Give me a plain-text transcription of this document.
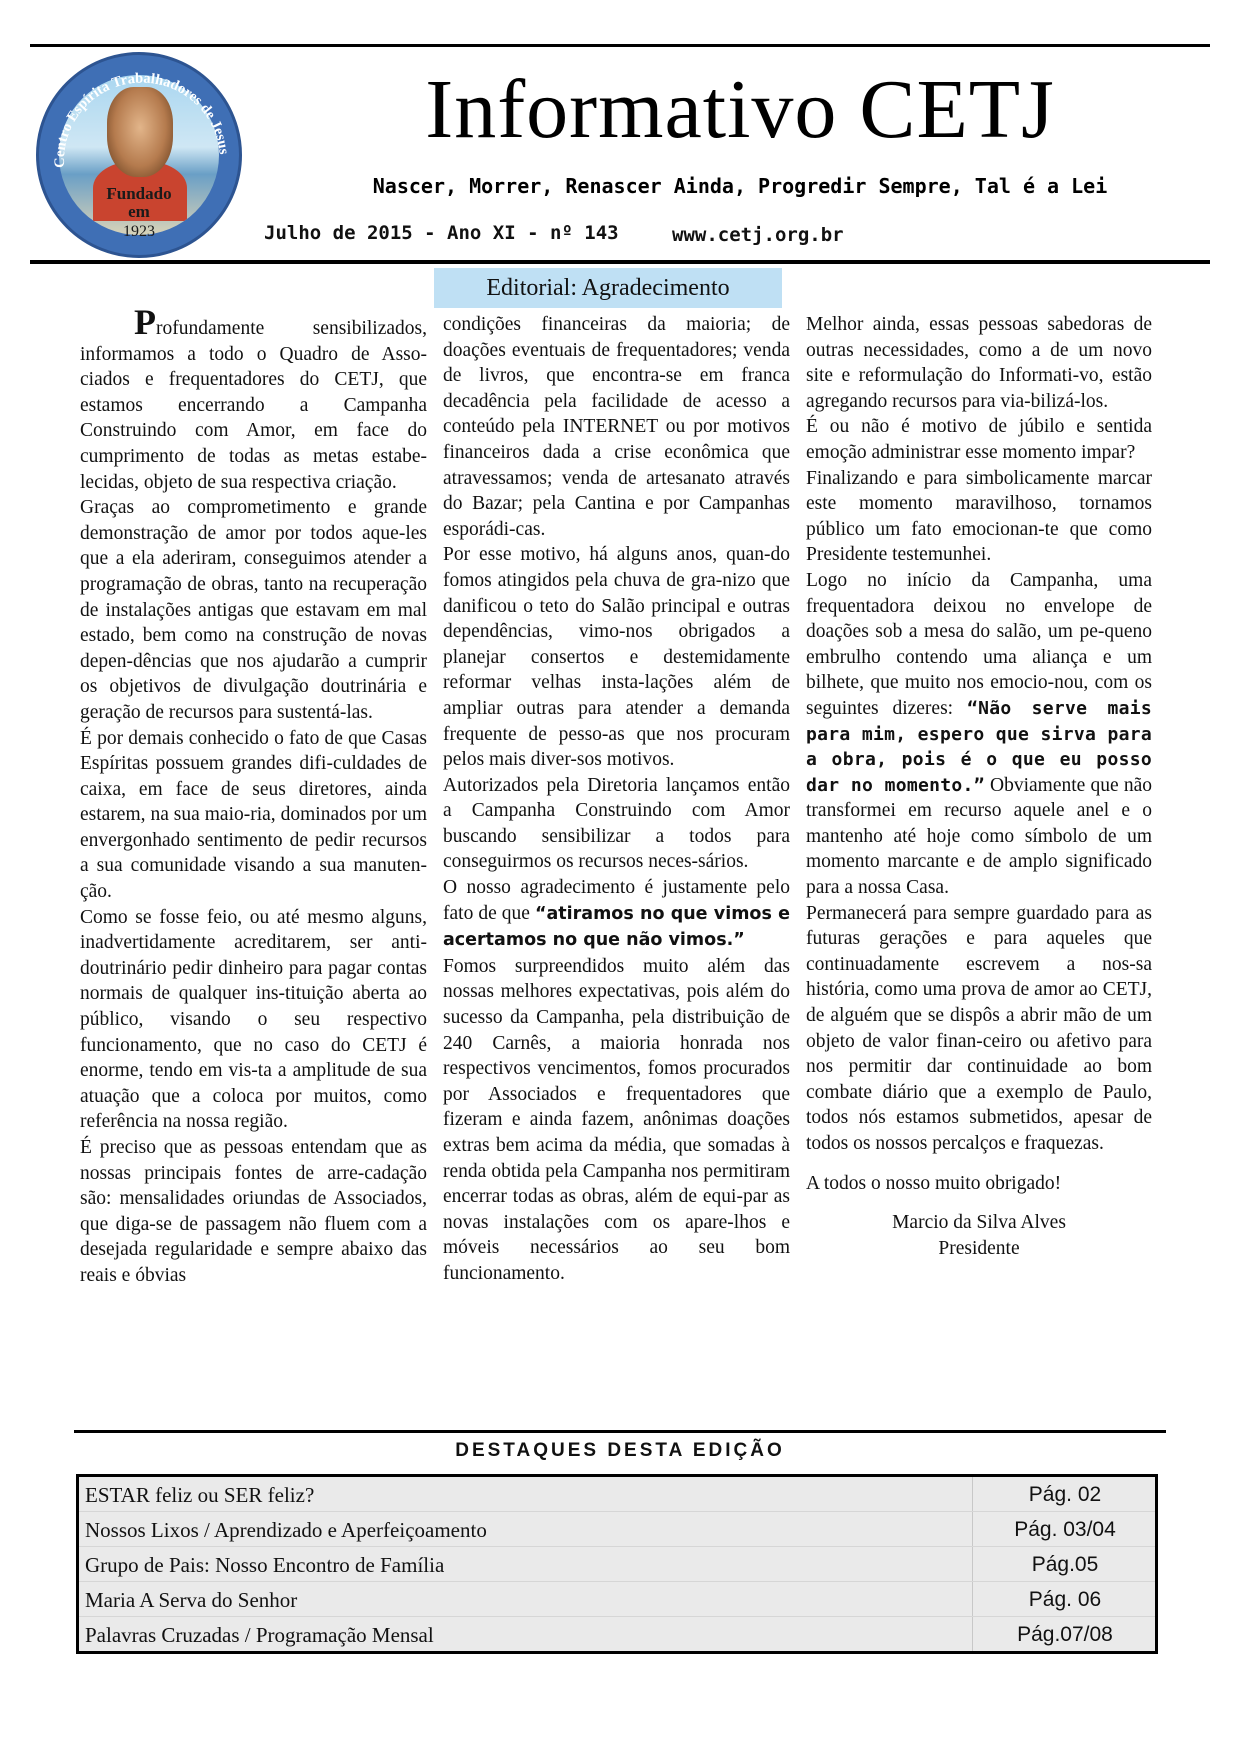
Centro Espírita Trabalhadores de Jesus
Fundado
em
1923
Informativo CETJ
Nascer, Morrer, Renascer Ainda, Progredir Sempre, Tal é a Lei
Julho de 2015 - Ano XI - nº 143	www.cetj.org.br
Editorial: Agradecimento

Profundamente sensibilizados, informamos a todo o Quadro de Asso-ciados e frequentadores do CETJ, que estamos encerrando a Campanha Construindo com Amor, em face do cumprimento de todas as metas estabe-lecidas, objeto de sua respectiva criação.

Graças ao comprometimento e grande demonstração de amor por todos aque-les que a ela aderiram, conseguimos atender a programação de obras, tanto na recuperação de instalações antigas que estavam em mal estado, bem como na construção de novas depen-dências que nos ajudarão a cumprir os objetivos de divulgação doutrinária e geração de recursos para sustentá-las.

É por demais conhecido o fato de que Casas Espíritas possuem grandes difi-culdades de caixa, em face de seus diretores, ainda estarem, na sua maio-ria, dominados por um envergonhado sentimento de pedir recursos a sua comunidade visando a sua manuten-ção.

Como se fosse feio, ou até mesmo alguns, inadvertidamente acreditarem, ser anti-doutrinário pedir dinheiro para pagar contas normais de qualquer ins-tituição aberta ao público, visando o seu respectivo funcionamento, que no caso do CETJ é enorme, tendo em vis-ta a amplitude de sua atuação que a coloca por muitos, como referência na nossa região.

É preciso que as pessoas entendam que as nossas principais fontes de arre-cadação são: mensalidades oriundas de Associados, que diga-se de passagem não fluem com a desejada regularidade e sempre abaixo das reais e óbvias

condições financeiras da maioria; de doações eventuais de frequentadores; venda de livros, que encontra-se em franca decadência pela facilidade de acesso a conteúdo pela INTERNET ou por motivos financeiros dada a crise econômica que atravessamos; venda de artesanato através do Bazar; pela Cantina e por Campanhas esporádi-cas.

Por esse motivo, há alguns anos, quan-do fomos atingidos pela chuva de gra-nizo que danificou o teto do Salão principal e outras dependências, vimo-nos obrigados a planejar consertos e destemidamente reformar velhas insta-lações além de ampliar outras para atender a demanda frequente de pesso-as que nos procuram pelos mais diver-sos motivos.

Autorizados pela Diretoria lançamos então a Campanha Construindo com Amor buscando sensibilizar a todos para conseguirmos os recursos neces-sários.

O nosso agradecimento é justamente pelo fato de que “atiramos no que vimos e acertamos no que não vimos.”

Fomos surpreendidos muito além das nossas melhores expectativas, pois além do sucesso da Campanha, pela distribuição de 240 Carnês, a maioria honrada nos respectivos vencimentos, fomos procurados por Associados e frequentadores que fizeram e ainda fazem, anônimas doações extras bem acima da média, que somadas à renda obtida pela Campanha nos permitiram encerrar todas as obras, além de equi-par as novas instalações com os apare-lhos e móveis necessários ao seu bom funcionamento.

Melhor ainda, essas pessoas sabedoras de outras necessidades, como a de um novo site e reformulação do Informati-vo, estão agregando recursos para via-bilizá-los.

É ou não é motivo de júbilo e sentida emoção administrar esse momento impar?

Finalizando e para simbolicamente marcar este momento maravilhoso, tornamos público um fato emocionan-te que como Presidente testemunhei.

Logo no início da Campanha, uma frequentadora deixou no envelope de doações sob a mesa do salão, um pe-queno embrulho contendo uma aliança e um bilhete, que muito nos emocio-nou, com os seguintes dizeres: “Não serve mais para mim, espero que sirva para a obra, pois é o que eu posso dar no momento.” Obviamente que não transformei em recurso aquele anel e o mantenho até hoje como símbolo de um momento marcante e de amplo significado para a nossa Casa.

Permanecerá para sempre guardado para as futuras gerações e para aqueles que continuadamente escrevem a nos-sa história, como uma prova de amor ao CETJ, de alguém que se dispôs a abrir mão de um objeto de valor finan-ceiro ou afetivo para nos permitir dar continuidade ao bom combate diário que a exemplo de Paulo, todos nós estamos submetidos, apesar de todos os nossos percalços e fraquezas.

A todos o nosso muito obrigado!

Marcio da Silva Alves
Presidente
DESTAQUES DESTA EDIÇÃO
ESTAR feliz ou SER feliz?	Pág. 02
Nossos Lixos / Aprendizado e Aperfeiçoamento	Pág. 03/04
Grupo de Pais: Nosso Encontro de Família	Pág.05
Maria A Serva do Senhor	Pág. 06
Palavras Cruzadas / Programação Mensal	Pág.07/08
